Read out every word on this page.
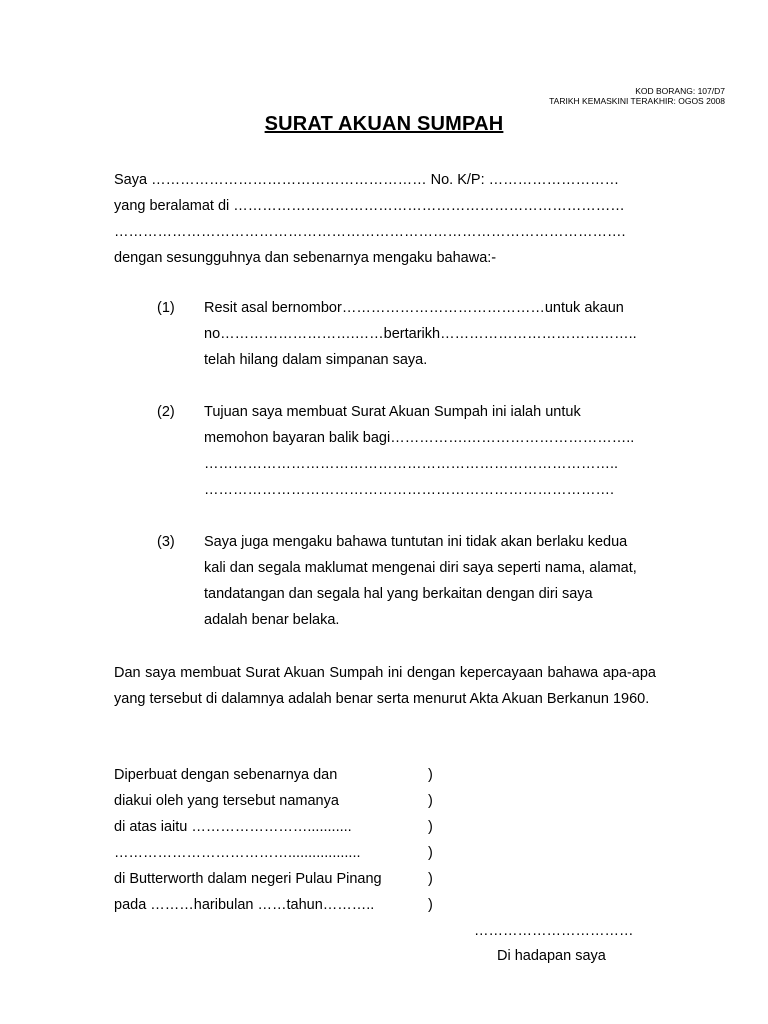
KOD BORANG: 107/D7
TARIKH KEMASKINI TERAKHIR: OGOS 2008
SURAT AKUAN SUMPAH
Saya ………………………………………………… No. K/P: ………………………
yang beralamat di ………………………………………………………………………
…………………………………………………………………………………………….
dengan sesungguhnya dan sebenarnya mengaku bahawa:-
(1) Resit asal bernombor……………………………………untuk akaun
no……………………….……bertarikh…………………………………..
telah hilang dalam simpanan saya.
(2) Tujuan saya membuat Surat Akuan Sumpah ini ialah untuk
memohon bayaran balik bagi…………….……………………………..
…………………………………………………………………………..
………………………………………………………………………….
(3) Saya juga mengaku bahawa tuntutan ini tidak akan berlaku kedua
kali dan segala maklumat mengenai diri saya seperti nama, alamat,
tandatangan dan segala hal yang berkaitan dengan diri saya
adalah benar belaka.
Dan saya membuat Surat Akuan Sumpah ini dengan kepercayaan bahawa apa-apa yang tersebut di dalamnya adalah benar serta menurut Akta Akuan Berkanun 1960.
Diperbuat dengan sebenarnya dan
diakui oleh yang tersebut namanya
di atas iaitu ……………………...........
………………………………..................
di Butterworth dalam negeri Pulau Pinang
pada ………haribulan ……tahun………..
)
)
)
)
)
)
……………………………
Di hadapan saya
